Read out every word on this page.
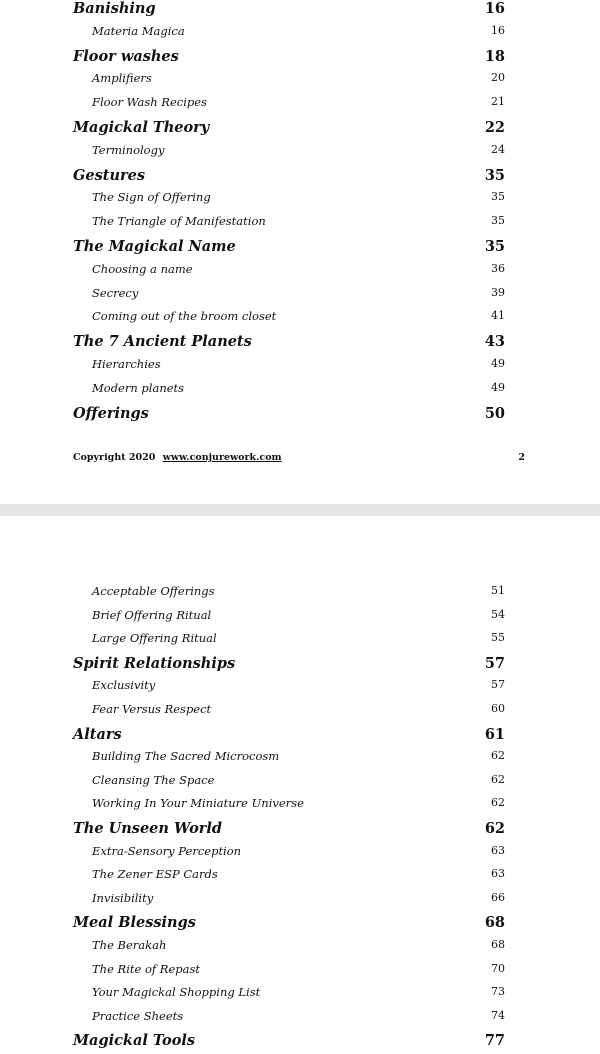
Banishing	16
Materia Magica	16
Floor washes	18
Amplifiers	20
Floor Wash Recipes	21
Magickal Theory	22
Terminology	24
Gestures	35
The Sign of Offering	35
The Triangle of Manifestation	35
The Magickal Name	35
Choosing a name	36
Secrecy	39
Coming out of the broom closet	41
The 7 Ancient Planets	43
Hierarchies	49
Modern planets	49
Offerings	50
Copyright 2020 www.conjurework.com	2
Acceptable Offerings	51
Brief Offering Ritual	54
Large Offering Ritual	55
Spirit Relationships	57
Exclusivity	57
Fear Versus Respect	60
Altars	61
Building The Sacred Microcosm	62
Cleansing The Space	62
Working In Your Miniature Universe	62
The Unseen World	62
Extra-Sensory Perception	63
The Zener ESP Cards	63
Invisibility	66
Meal Blessings	68
The Berakah	68
The Rite of Repast	70
Your Magickal Shopping List	73
Practice Sheets	74
Magickal Tools	77
